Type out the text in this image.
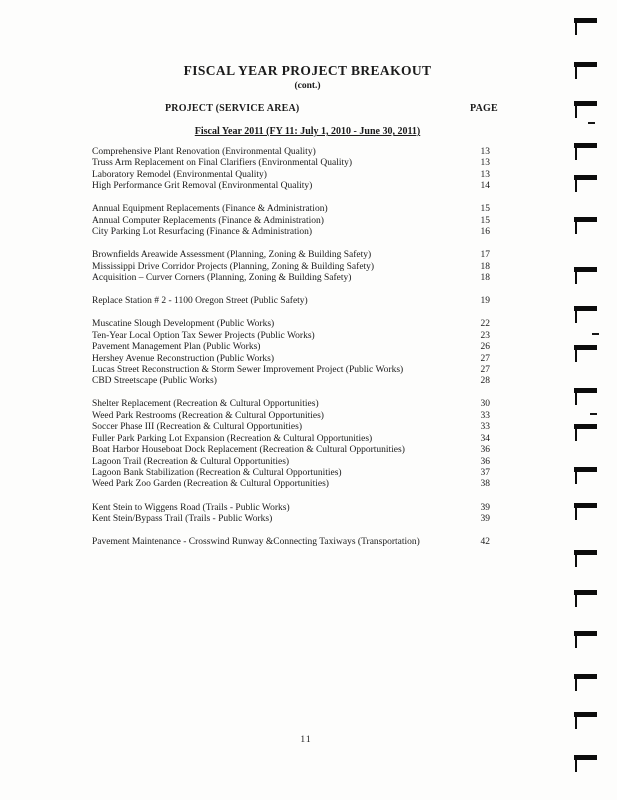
FISCAL YEAR PROJECT BREAKOUT
(cont.)
PROJECT (SERVICE AREA)	PAGE
Fiscal Year 2011 (FY 11: July 1, 2010 - June 30, 2011)
Comprehensive Plant Renovation (Environmental Quality)	13
Truss Arm Replacement on Final Clarifiers (Environmental Quality)	13
Laboratory Remodel (Environmental Quality)	13
High Performance Grit Removal (Environmental Quality)	14
Annual Equipment Replacements (Finance & Administration)	15
Annual Computer Replacements (Finance & Administration)	15
City Parking Lot Resurfacing (Finance & Administration)	16
Brownfields Areawide Assessment (Planning, Zoning & Building Safety)	17
Mississippi Drive Corridor Projects (Planning, Zoning & Building Safety)	18
Acquisition – Curver Corners (Planning, Zoning & Building Safety)	18
Replace Station # 2 - 1100 Oregon Street (Public Safety)	19
Muscatine Slough Development (Public Works)	22
Ten-Year Local Option Tax Sewer Projects (Public Works)	23
Pavement Management Plan (Public Works)	26
Hershey Avenue Reconstruction (Public Works)	27
Lucas Street Reconstruction & Storm Sewer Improvement Project (Public Works)	27
CBD Streetscape (Public Works)	28
Shelter Replacement (Recreation & Cultural Opportunities)	30
Weed Park Restrooms (Recreation & Cultural Opportunities)	33
Soccer Phase III (Recreation & Cultural Opportunities)	33
Fuller Park Parking Lot Expansion (Recreation & Cultural Opportunities)	34
Boat Harbor Houseboat Dock Replacement (Recreation & Cultural Opportunities)	36
Lagoon Trail (Recreation & Cultural Opportunities)	36
Lagoon Bank Stabilization (Recreation & Cultural Opportunities)	37
Weed Park Zoo Garden (Recreation & Cultural Opportunities)	38
Kent Stein to Wiggens Road (Trails - Public Works)	39
Kent Stein/Bypass Trail (Trails - Public Works)	39
Pavement Maintenance - Crosswind Runway &Connecting Taxiways (Transportation)	42
11
